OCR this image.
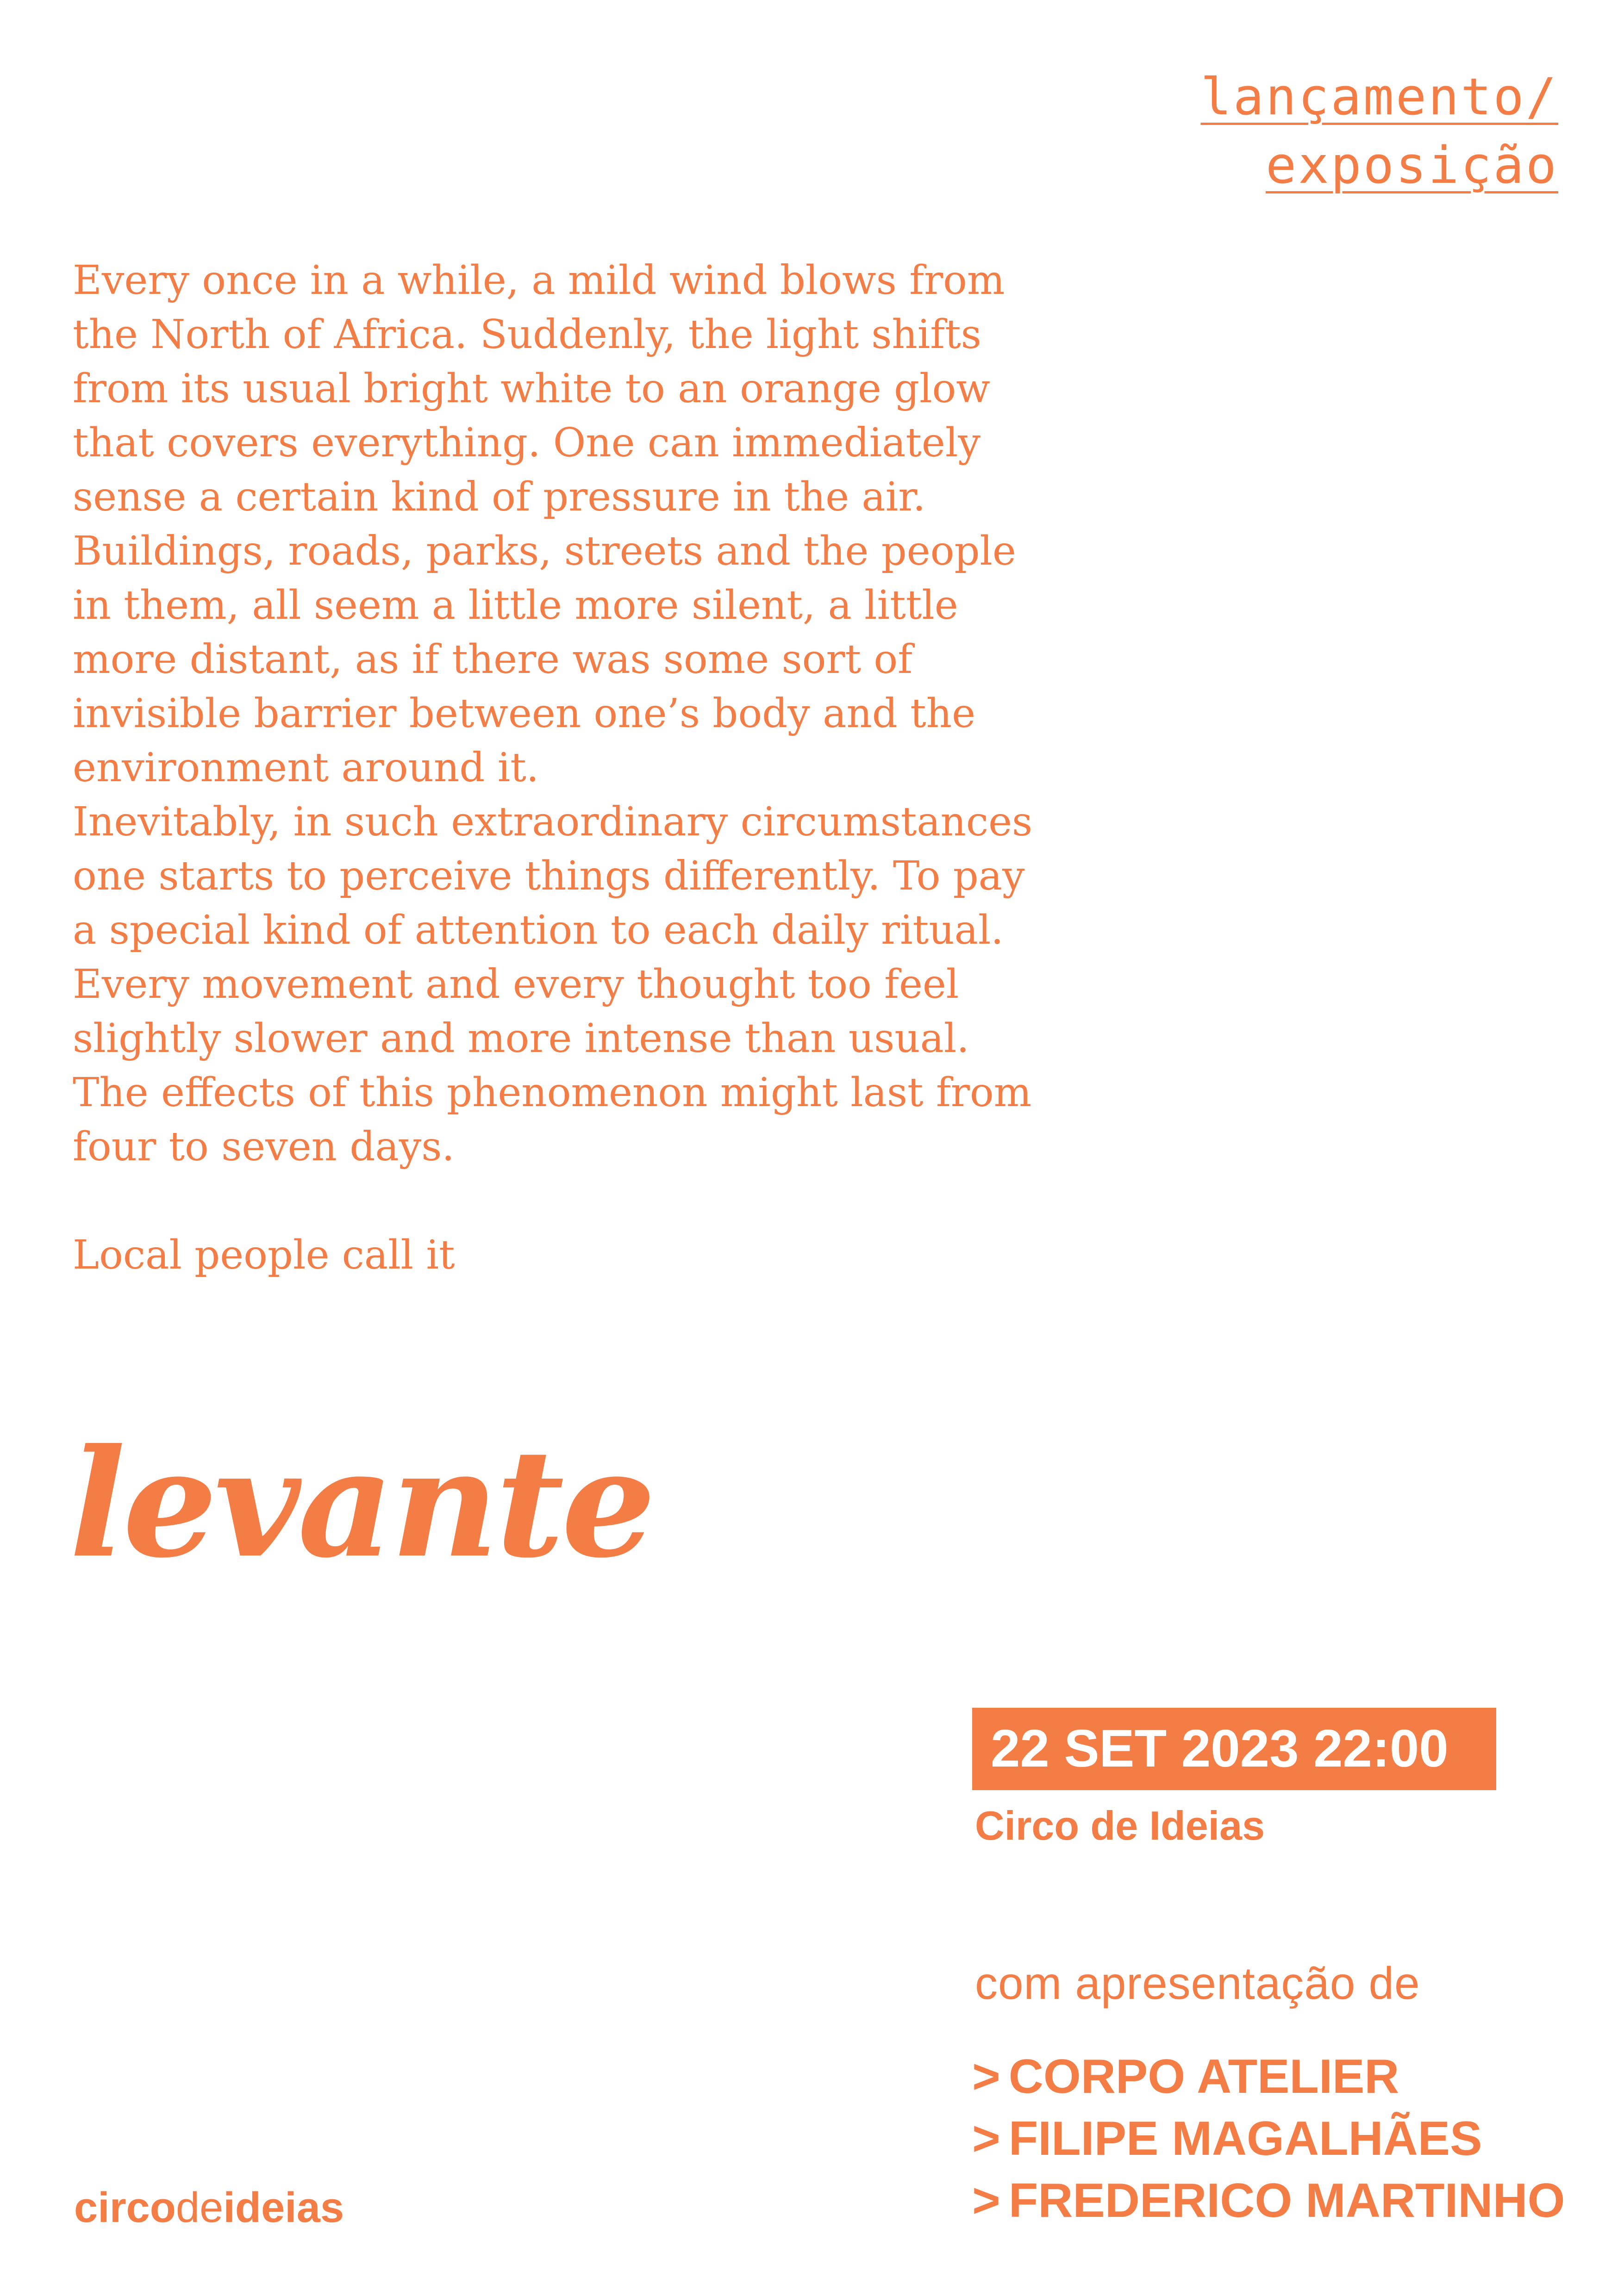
lançamento/
exposição

Every once in a while, a mild wind blows from the North of Africa. Suddenly, the light shifts from its usual bright white to an orange glow that covers everything. One can immediately sense a certain kind of pressure in the air. Buildings, roads, parks, streets and the people in them, all seem a little more silent, a little more distant, as if there was some sort of invisible barrier between one’s body and the environment around it.

Inevitably, in such extraordinary circumstances one starts to perceive things differently. To pay a special kind of attention to each daily ritual. Every movement and every thought too feel slightly slower and more intense than usual.

The effects of this phenomenon might last from four to seven days.

Local people call it

levante
22 SET 2023 22:00
Circo de Ideias
com apresentação de
> CORPO ATELIER
> FILIPE MAGALHÃES
> FREDERICO MARTINHO
circodeideias
